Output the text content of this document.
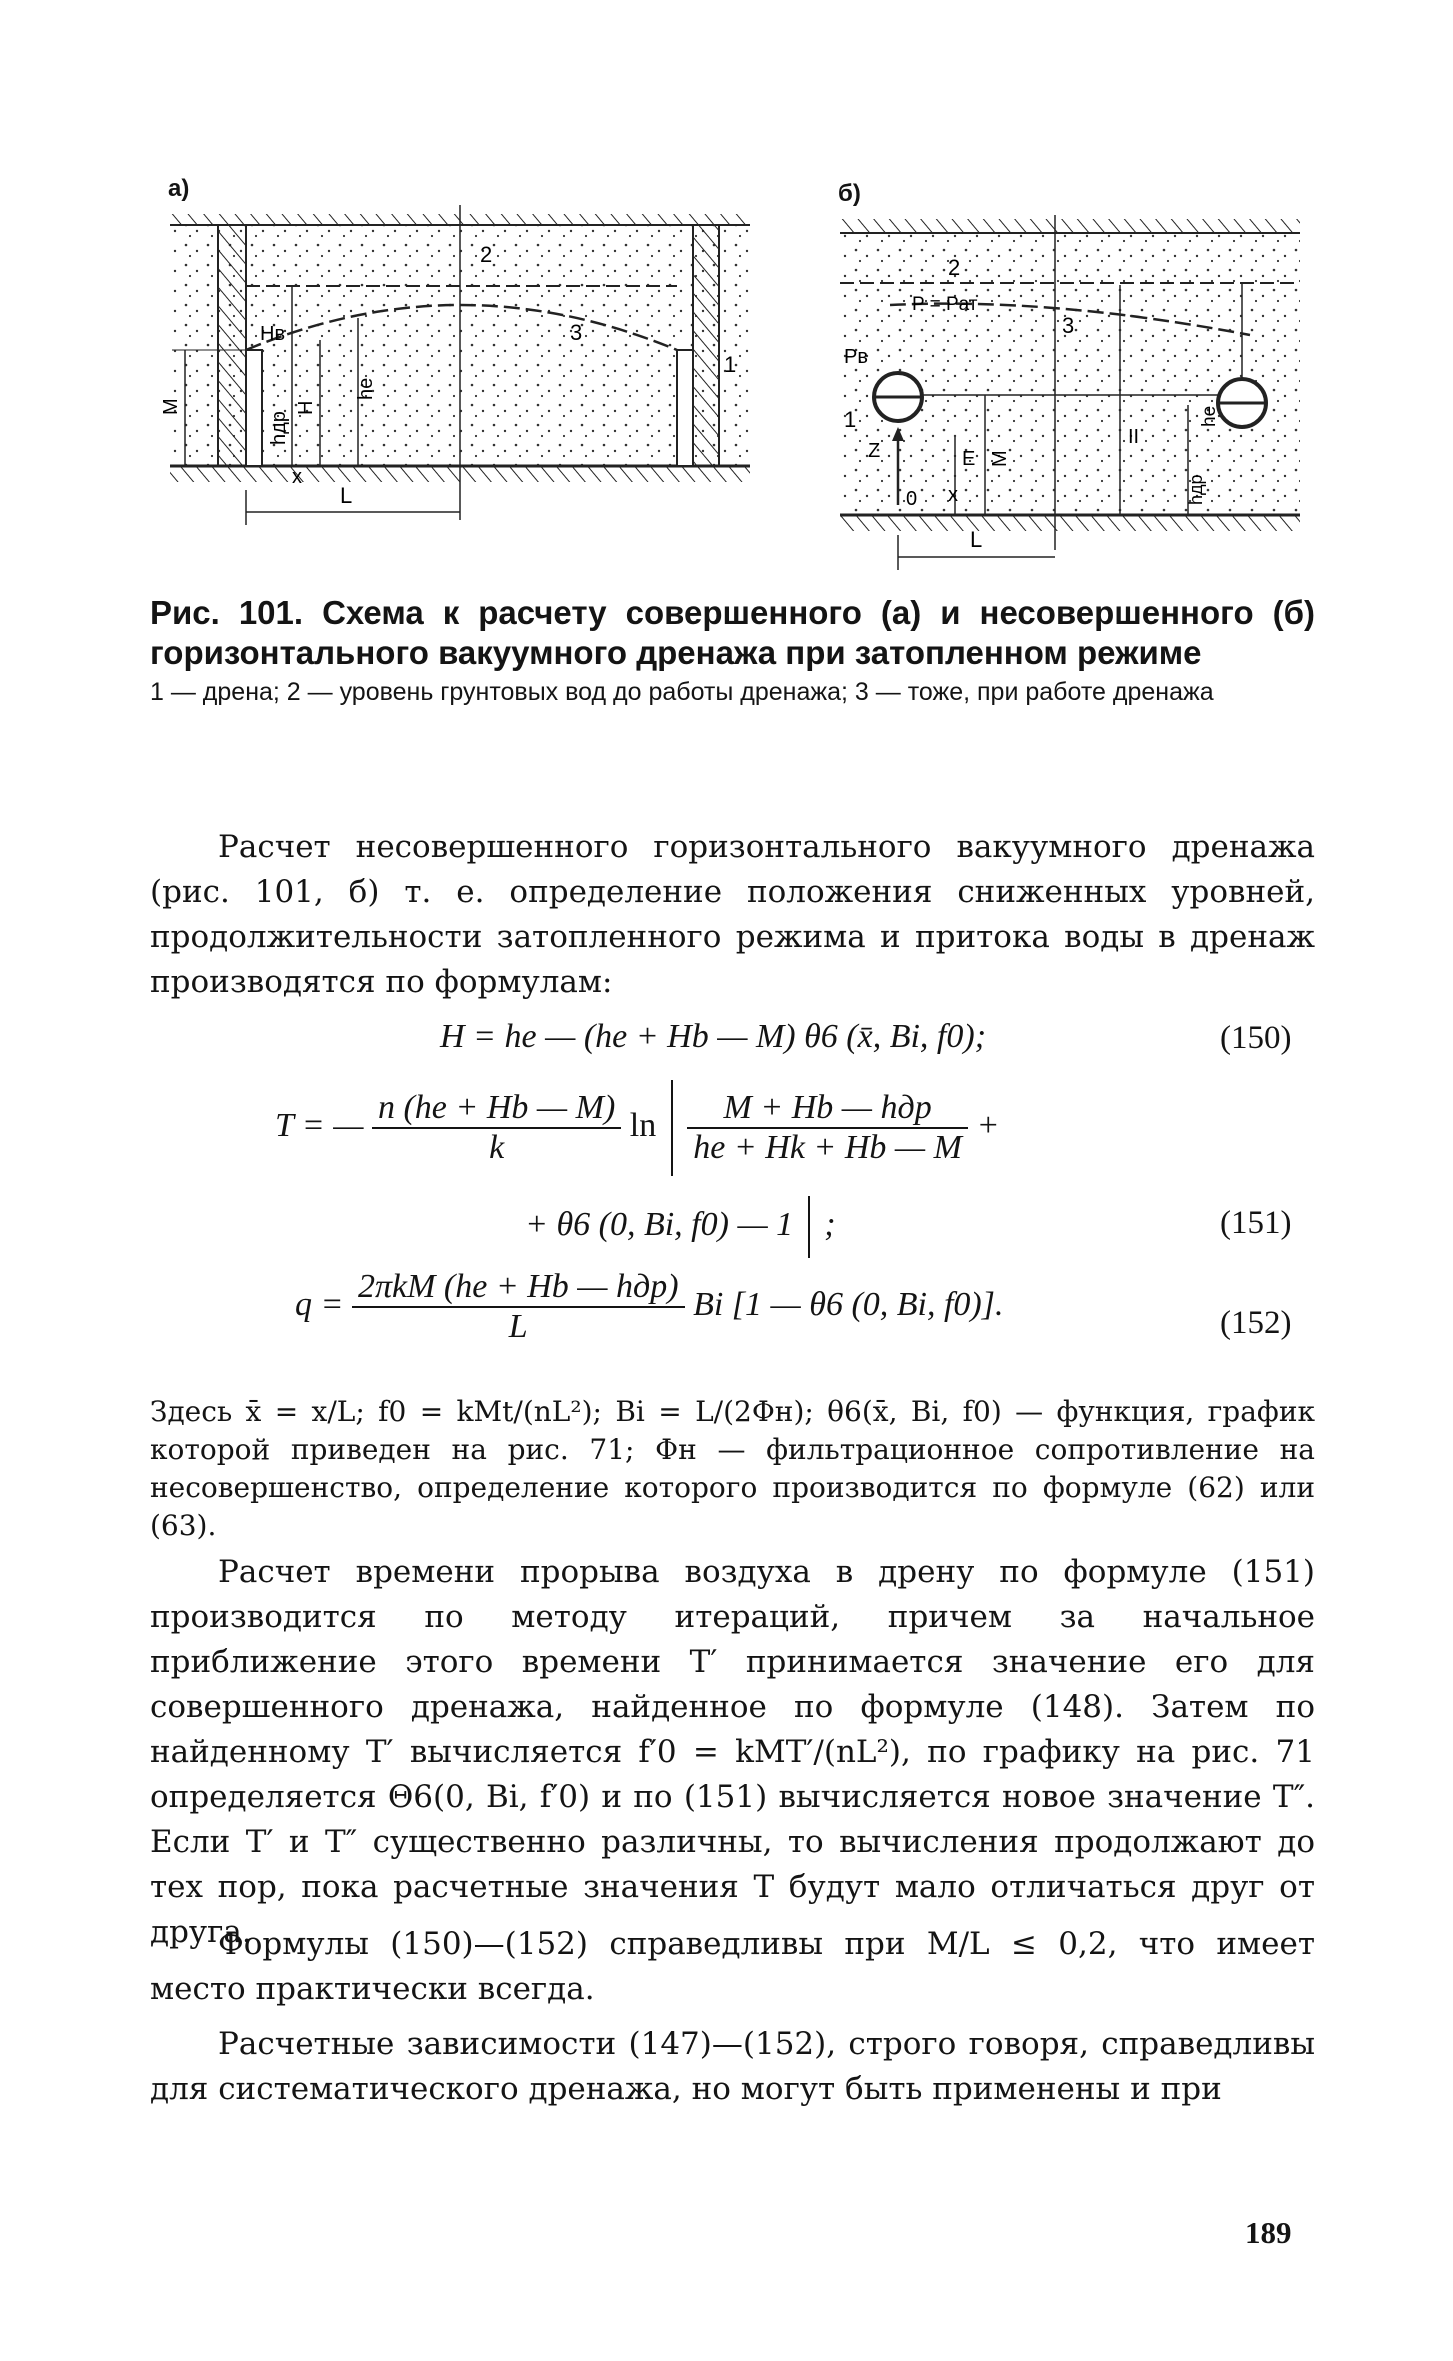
а)	б)
2
3
1
Hв
he
H
hдр
M
x
L
2
P = Pат
3
Pв
1	he
II
Z	E M
0 x	hдр
L
Рис. 101. Схема к расчету совершенного (а) и несовершенного (б) горизонтального вакуумного дренажа при затопленном режиме
1 — дрена; 2 — уровень грунтовых вод до работы дренажа; 3 — тоже, при работе дренажа
Расчет несовершенного горизонтального вакуумного дренажа (рис. 101, б) т. е. определение положения сниженных уровней, продолжительности затопленного режима и притока воды в дренаж производятся по формулам:
H = he — (he + Hb — M) θ6 (x̄, Bi, f0);	(150)
T = — $\frac{n (he + Hb — M)}{k}$ $\ln \frac{\text{M + Hb — hдр}}{he + Hk + Hb — M}$ +
+ θ6 (0, Bi, f0) — 1 ;	(151)
$q = \frac{\text{2πkM (he + Hb — hдр)}}{L}$ Bi [1 — θ6 (0, Bi, f0)].
(152)
Здесь x̄ = x/L; f0 = kMt/(nL²); Bi = L/(2Φн); θ6(x̄, Bi, f0) — функция, график которой приведен на рис. 71; Φн — фильтрационное сопротивление на несовершенство, определение которого производится по формуле (62) или (63).
Расчет времени прорыва воздуха в дрену по формуле (151) производится по методу итераций, причем за начальное приближение этого времени T′ принимается значение его для совершенного дренажа, найденное по формуле (148). Затем по найденному T′ вычисляется f′0 = kMT′/(nL²), по графику на рис. 71 определяется Θ6(0, Bi, f′0) и по (151) вычисляется новое значение T″. Если T′ и T″ существенно различны, то вычисления продолжают до тех пор, пока расчетные значения T будут мало отличаться друг от друга.
Формулы (150)—(152) справедливы при M/L ≤ 0,2, что имеет место практически всегда.
Расчетные зависимости (147)—(152), строго говоря, справедливы для систематического дренажа, но могут быть применены и при
189
